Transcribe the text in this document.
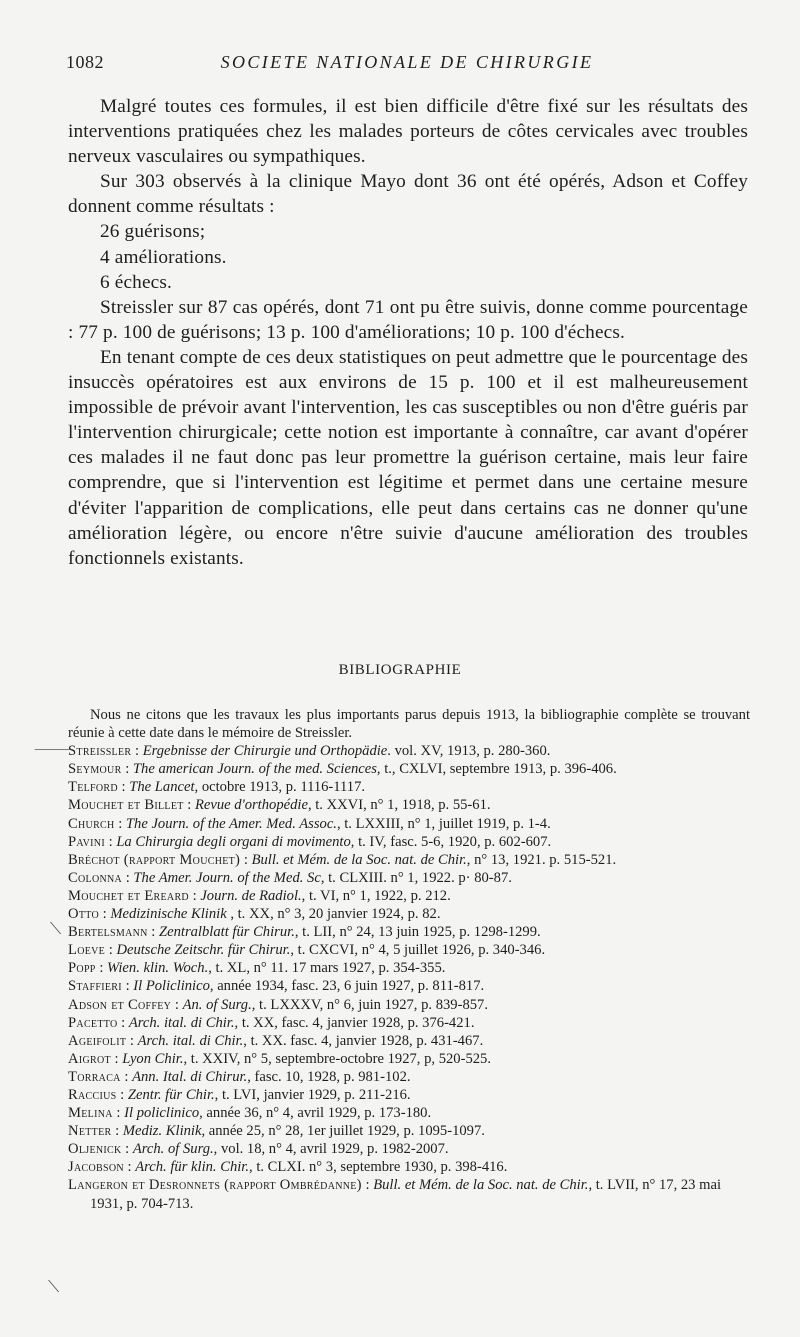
1082	SOCIETE NATIONALE DE CHIRURGIE

Malgré toutes ces formules, il est bien difficile d'être fixé sur les résultats des interventions pratiquées chez les malades porteurs de côtes cervicales avec troubles nerveux vasculaires ou sympathiques.

Sur 303 observés à la clinique Mayo dont 36 ont été opérés, Adson et Coffey donnent comme résultats :

26 guérisons;

4 améliorations.

6 échecs.

Streissler sur 87 cas opérés, dont 71 ont pu être suivis, donne comme pourcentage : 77 p. 100 de guérisons; 13 p. 100 d'améliorations; 10 p. 100 d'échecs.

En tenant compte de ces deux statistiques on peut admettre que le pourcentage des insuccès opératoires est aux environs de 15 p. 100 et il est malheureusement impossible de prévoir avant l'intervention, les cas susceptibles ou non d'être guéris par l'intervention chirurgicale; cette notion est importante à connaître, car avant d'opérer ces malades il ne faut donc pas leur promettre la guérison certaine, mais leur faire comprendre, que si l'intervention est légitime et permet dans une certaine mesure d'éviter l'apparition de complications, elle peut dans certains cas ne donner qu'une amélioration légère, ou encore n'être suivie d'aucune amélioration des troubles fonctionnels existants.

BIBLIOGRAPHIE

Nous ne citons que les travaux les plus importants parus depuis 1913, la bibliographie complète se trouvant réunie à cette date dans le mémoire de Streissler.

Streissler : Ergebnisse der Chirurgie und Orthopädie. vol. XV, 1913, p. 280-360.

Seymour : The american Journ. of the med. Sciences, t., CXLVI, septembre 1913, p. 396-406.

Telford : The Lancet, octobre 1913, p. 1116-1117.

Mouchet et Billet : Revue d'orthopédie, t. XXVI, n° 1, 1918, p. 55-61.

Church : The Journ. of the Amer. Med. Assoc., t. LXXIII, n° 1, juillet 1919, p. 1-4.

Pavini : La Chirurgia degli organi di movimento, t. IV, fasc. 5-6, 1920, p. 602-607.

Bréchot (rapport Mouchet) : Bull. et Mém. de la Soc. nat. de Chir., n° 13, 1921. p. 515-521.

Colonna : The Amer. Journ. of the Med. Sc, t. CLXIII. n° 1, 1922. p· 80-87.

Mouchet et Ereard : Journ. de Radiol., t. VI, n° 1, 1922, p. 212.

Otto : Medizinische Klinik , t. XX, n° 3, 20 janvier 1924, p. 82.

Bertelsmann : Zentralblatt für Chirur., t. LII, n° 24, 13 juin 1925, p. 1298-1299.

Loeve : Deutsche Zeitschr. für Chirur., t. CXCVI, n° 4, 5 juillet 1926, p. 340-346.

Popp : Wien. klin. Woch., t. XL, n° 11. 17 mars 1927, p. 354-355.

Staffieri : Il Policlinico, année 1934, fasc. 23, 6 juin 1927, p. 811-817.

Adson et Coffey : An. of Surg., t. LXXXV, n° 6, juin 1927, p. 839-857.

Pacetto : Arch. ital. di Chir., t. XX, fasc. 4, janvier 1928, p. 376-421.

Ageifolit : Arch. ital. di Chir., t. XX. fasc. 4, janvier 1928, p. 431-467.

Aigrot : Lyon Chir., t. XXIV, n° 5, septembre-octobre 1927, p, 520-525.

Torraca : Ann. Ital. di Chirur., fasc. 10, 1928, p. 981-102.

Raccius : Zentr. für Chir., t. LVI, janvier 1929, p. 211-216.

Melina : Il policlinico, année 36, n° 4, avril 1929, p. 173-180.

Netter : Mediz. Klinik, année 25, n° 28, 1er juillet 1929, p. 1095-1097.

Oljenick : Arch. of Surg., vol. 18, n° 4, avril 1929, p. 1982-2007.

Jacobson : Arch. für klin. Chir., t. CLXI. n° 3, septembre 1930, p. 398-416.

Langeron et Desronnets (rapport Ombrédanne) : Bull. et Mém. de la Soc. nat. de Chir., t. LVII, n° 17, 23 mai 1931, p. 704-713.

⸻
⟍
⟍
